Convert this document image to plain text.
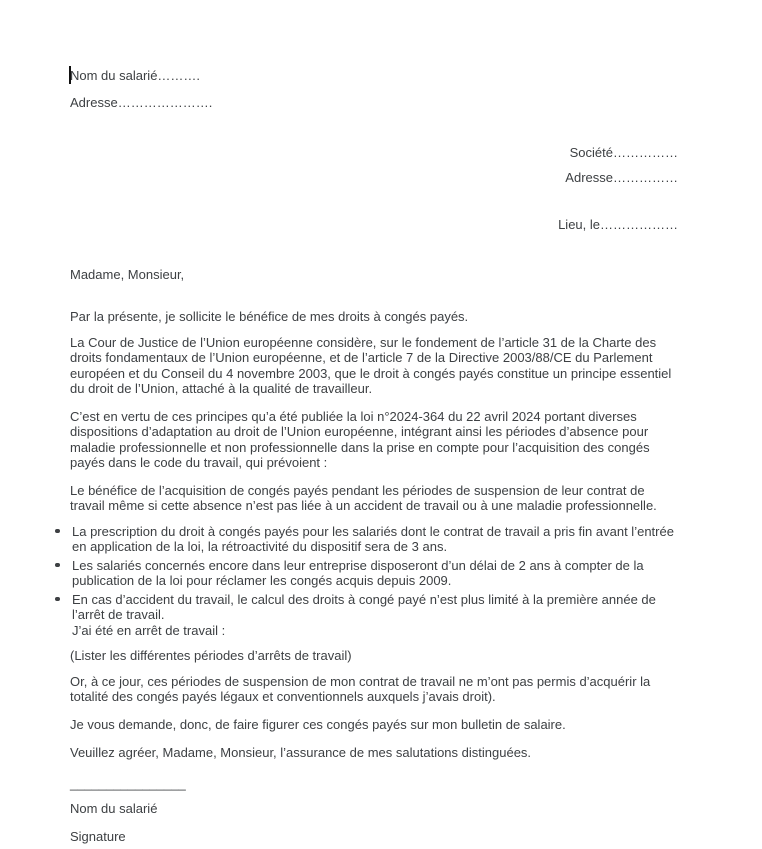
Nom du salarié……….

Adresse………………….

Société……………

Adresse……………

Lieu, le………………

Madame, Monsieur,

Par la présente, je sollicite le bénéfice de mes droits à congés payés.

La Cour de Justice de l’Union européenne considère, sur le fondement de l’article 31 de la Charte des droits fondamentaux de l’Union européenne, et de l’article 7 de la Directive 2003/88/CE du Parlement européen et du Conseil du 4 novembre 2003, que le droit à congés payés constitue un principe essentiel du droit de l’Union, attaché à la qualité de travailleur.

C’est en vertu de ces principes qu’a été publiée la loi n°2024-364 du 22 avril 2024 portant diverses dispositions d’adaptation au droit de l’Union européenne, intégrant ainsi les périodes d’absence pour maladie professionnelle et non professionnelle dans la prise en compte pour l’acquisition des congés payés dans le code du travail, qui prévoient :

Le bénéfice de l’acquisition de congés payés pendant les périodes de suspension de leur contrat de travail même si cette absence n’est pas liée à un accident de travail ou à une maladie professionnelle.

La prescription du droit à congés payés pour les salariés dont le contrat de travail a pris fin avant l’entrée en application de la loi, la rétroactivité du dispositif sera de 3 ans.
Les salariés concernés encore dans leur entreprise disposeront d’un délai de 2 ans à compter de la publication de la loi pour réclamer les congés acquis depuis 2009.
En cas d’accident du travail, le calcul des droits à congé payé n’est plus limité à la première année de l’arrêt de travail.
J’ai été en arrêt de travail :

(Lister les différentes périodes d’arrêts de travail)

Or, à ce jour, ces périodes de suspension de mon contrat de travail ne m’ont pas permis d’acquérir la totalité des congés payés légaux et conventionnels auxquels j’avais droit).

Je vous demande, donc, de faire figurer ces congés payés sur mon bulletin de salaire.

Veuillez agréer, Madame, Monsieur, l’assurance de mes salutations distinguées.

________________

Nom du salarié

Signature
